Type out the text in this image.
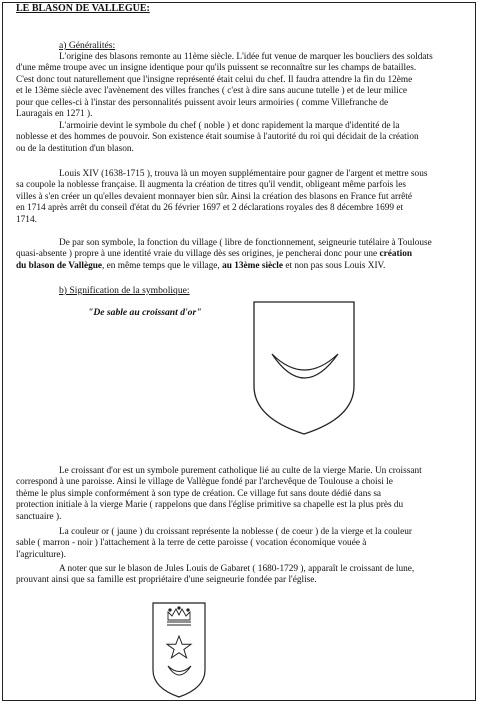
LE BLASON DE VALLEGUE:
a) Généralités:
L'origine des blasons remonte au 11ème siècle. L'idée fut venue de marquer les boucliers des soldats
d'une même troupe avec un insigne identique pour qu'ils puissent se reconnaître sur les champs de batailles.
C'est donc tout naturellement que l'insigne représenté était celui du chef. Il faudra attendre la fin du 12ème
et le 13ème siècle avec l'avènement des villes franches ( c'est à dire sans aucune tutelle ) et de leur milice
pour que celles-ci à l'instar des personnalités puissent avoir leurs armoiries ( comme Villefranche de
Lauragais en 1271 ).
L'armoirie devint le symbole du chef ( noble ) et donc rapidement la marque d'identité de la
noblesse et des hommes de pouvoir. Son existence était soumise à l'autorité du roi qui décidait de la création
ou de la destitution d'un blason.
Louis XIV (1638-1715 ), trouva là un moyen supplémentaire pour gagner de l'argent et mettre sous
sa coupole la noblesse française. Il augmenta la création de titres qu'il vendit, obligeant même parfois les
villes à s'en créer un qu'elles devaient monnayer bien sûr. Ainsi la création des blasons en France fut arrêté
en 1714 après arrêt du conseil d'état du 26 février 1697 et 2 déclarations royales des 8 décembre 1699 et
1714.
De par son symbole, la fonction du village ( libre de fonctionnement, seigneurie tutélaire à Toulouse
quasi-absente ) propre à une identité vraie du village dès ses origines, je pencherai donc pour une création
du blason de Vallègue, en même temps que le village, au 13ème siècle et non pas sous Louis XIV.
b) Signification de la symbolique:
"De sable au croissant d'or"
Le croissant d'or est un symbole purement catholique lié au culte de la vierge Marie. Un croissant
correspond à une paroisse. Ainsi le village de Vallègue fondé par l'archevêque de Toulouse a choisi le
thème le plus simple conformément à son type de création. Ce village fut sans doute dédié dans sa
protection initiale à la vierge Marie ( rappelons que dans l'église primitive sa chapelle est la plus près du
sanctuaire ).
La couleur or ( jaune ) du croissant représente la noblesse ( de coeur ) de la vierge et la couleur
sable ( marron - noir ) l'attachement à la terre de cette paroisse ( vocation économique vouée à
l'agriculture).
A noter que sur le blason de Jules Louis de Gabaret ( 1680-1729 ), apparaît le croissant de lune,
prouvant ainsi que sa famille est propriétaire d'une seigneurie fondée par l'église.
